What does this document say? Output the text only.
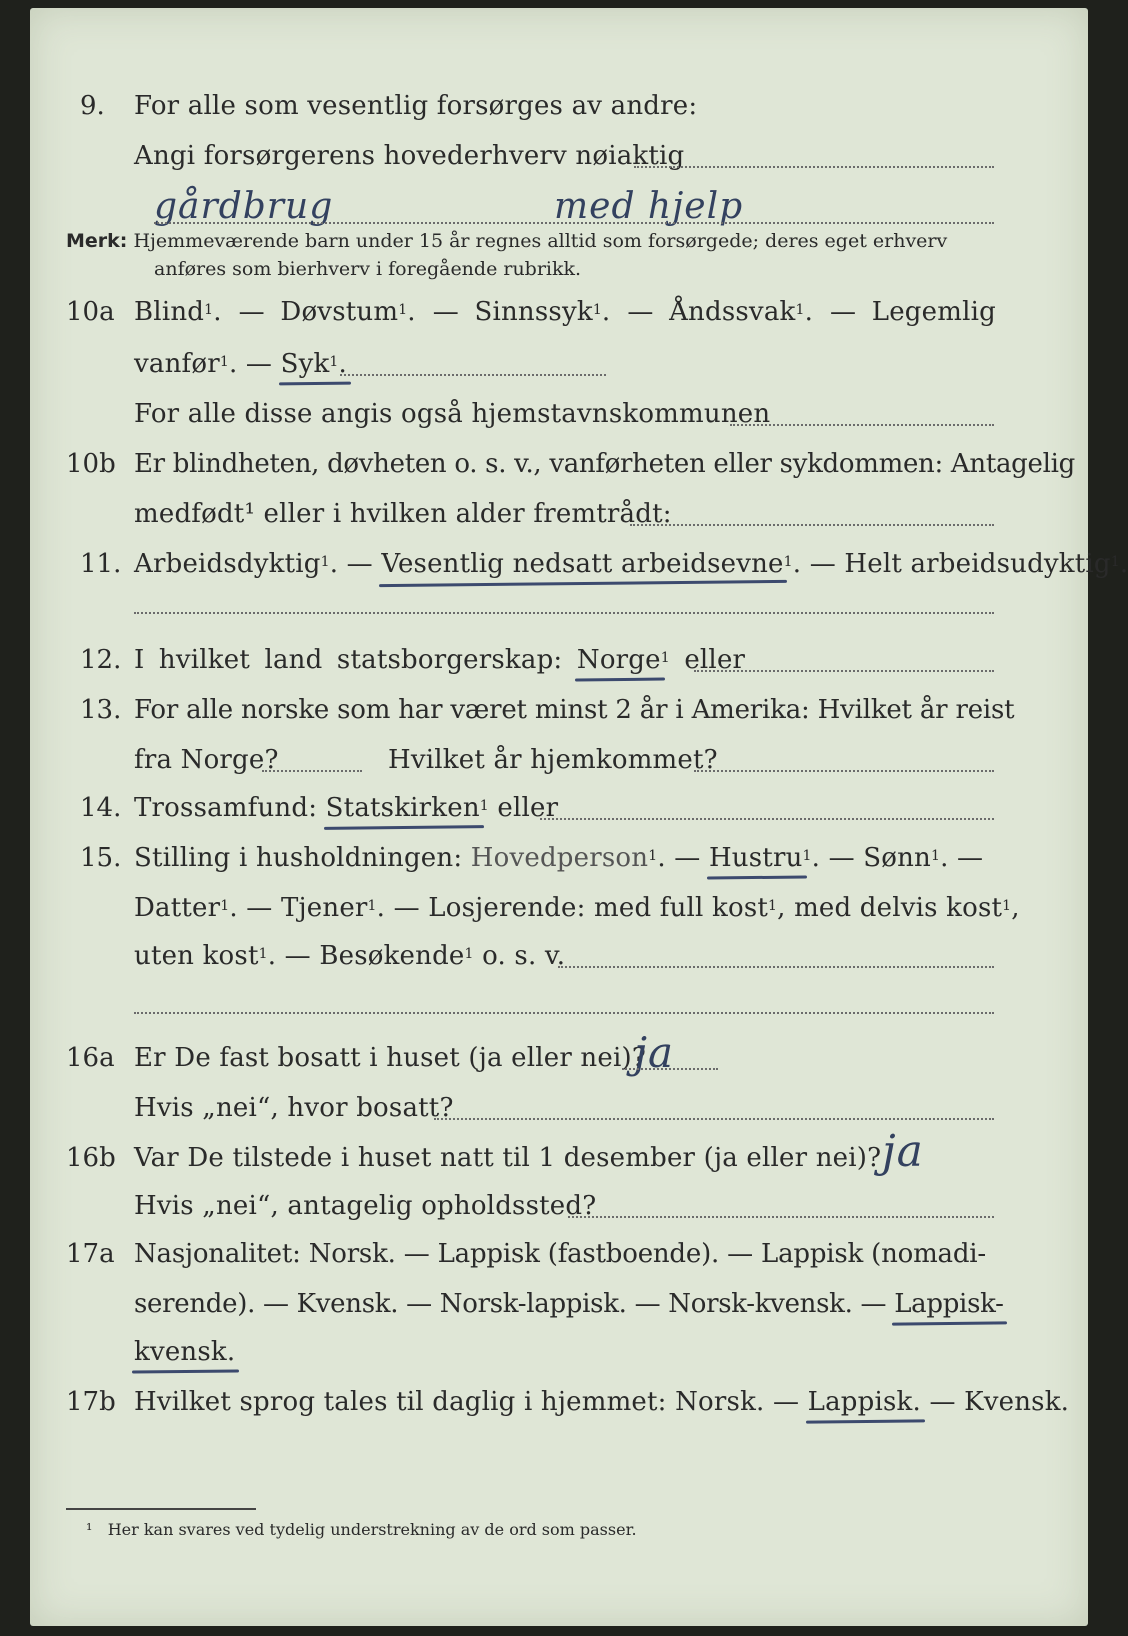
9. For alle som vesentlig forsørges av andre:
Angi forsørgerens hovederhverv nøiaktig
gårdbrug	med hjelp
Merk: Hjemmeværende barn under 15 år regnes alltid som forsørgede; deres eget erhverv
anføres som bierhverv i foregående rubrikk.
10a Blind$^1$.  — Døvstum$^1$.  — Sinnssyk$^1$.  — Åndssvak$^1$.  — Legemlig
vanfør$^1$. — Syk$^1$.
For alle disse angis også hjemstavnskommunen
10b Er blindheten, døvheten o. s. v., vanførheten eller sykdommen: Antagelig
medfødt¹ eller i hvilken alder fremtrådt:
11. Arbeidsdyktig$^1$. — Vesentlig nedsatt arbeidsevne$^1$. — Helt arbeidsudyktig$^1$.
12. I hvilket land statsborgerskap: Norge$^1$ eller
13. For alle norske som har været minst 2 år i Amerika: Hvilket år reist
fra Norge?	Hvilket år hjemkommet?
14. Trossamfund: Statskirken$^1$ eller
15. Stilling i husholdningen: Hovedperson$^1$. — Hustru$^1$. — Sønn$^1$. —
Datter$^1$. — Tjener$^1$. — Losjerende: med full kost$^1$, med delvis kost$^1$,
uten kost$^1$. — Besøkende$^1$ o. s. v.
16a Er De fast bosatt i huset (ja eller nei)?
ja
Hvis „nei“, hvor bosatt?
16b Var De tilstede i huset natt til 1 desember (ja eller nei)? ja
Hvis „nei“, antagelig opholdssted?
17a Nasjonalitet: Norsk. — Lappisk (fastboende). — Lappisk (nomadi-
serende). — Kvensk. — Norsk-lappisk. — Norsk-kvensk. — Lappisk-
kvensk.
17b Hvilket sprog tales til daglig i hjemmet: Norsk. — Lappisk. — Kvensk.
¹ Her kan svares ved tydelig understrekning av de ord som passer.
